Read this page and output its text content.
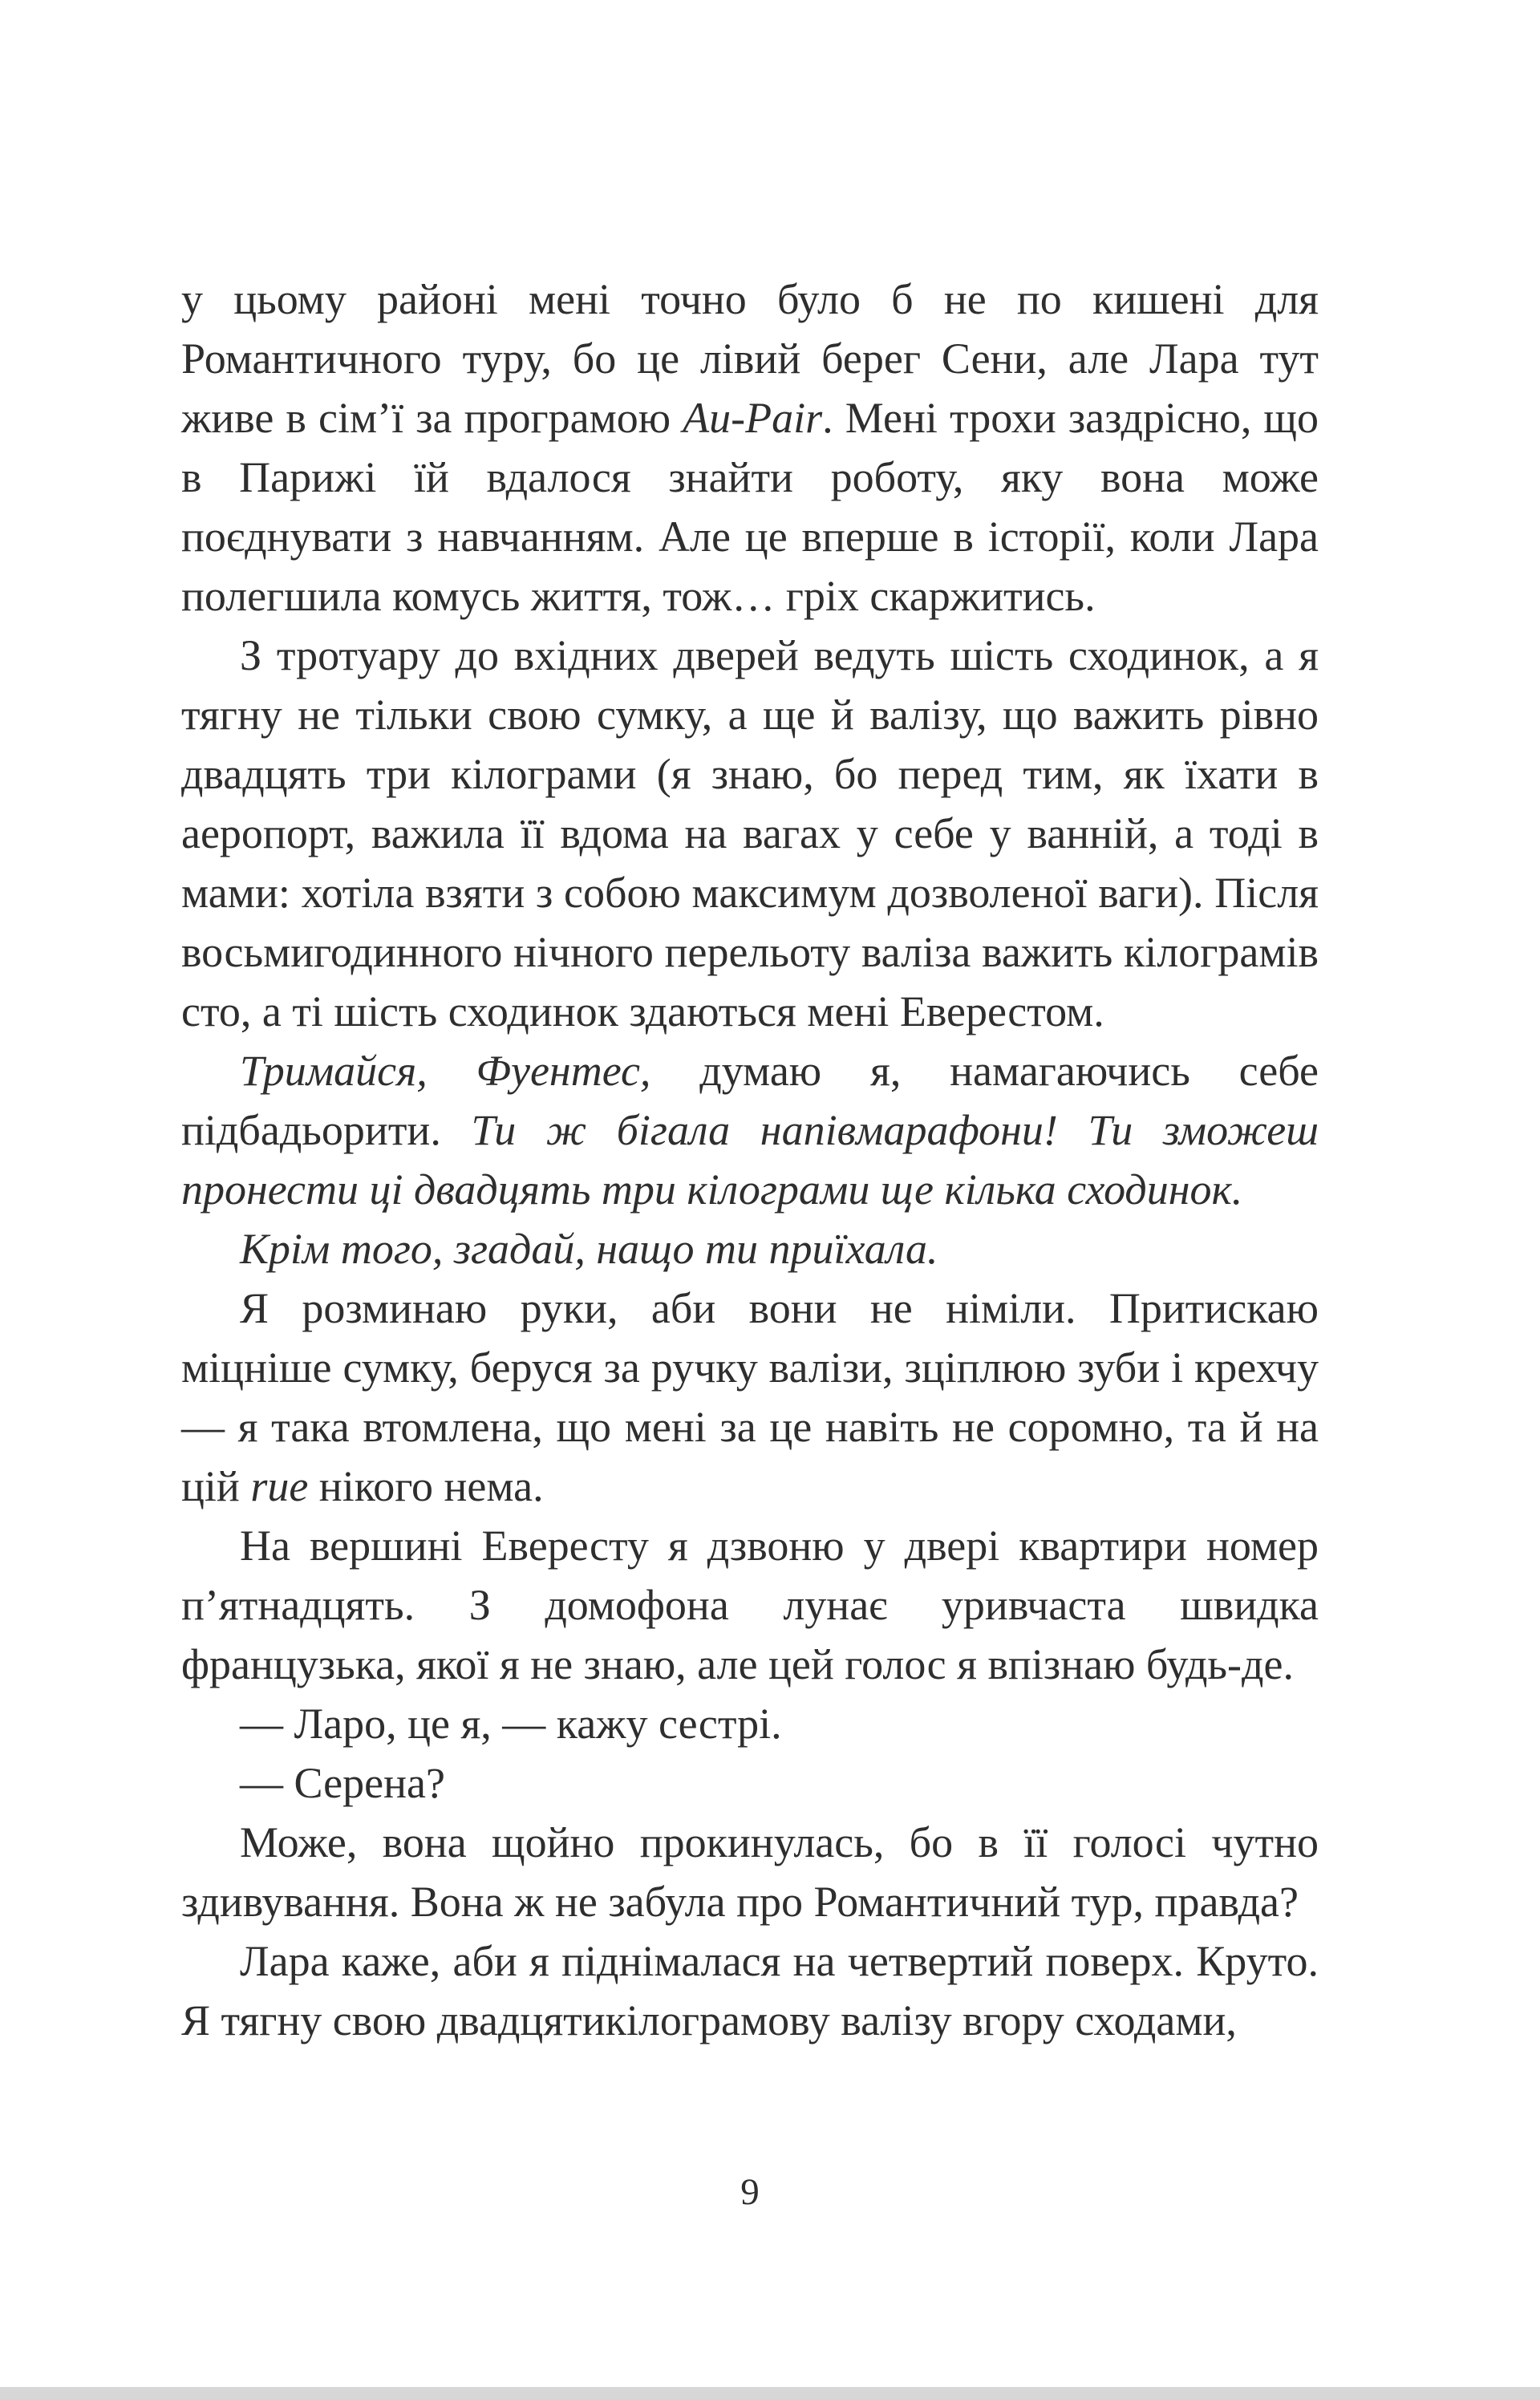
у цьому районі мені точно було б не по кишені для Романтичного туру, бо це лівий берег Сени, але Лара тут живе в сім’ї за програмою Au-Pair. Мені трохи заздрісно, що в Парижі їй вдалося знайти роботу, яку вона може поєднувати з навчанням. Але це вперше в історії, коли Лара полегшила комусь життя, тож… гріх скаржитись.

З тротуару до вхідних дверей ведуть шість сходинок, а я тягну не тільки свою сумку, а ще й валізу, що важить рівно двадцять три кілограми (я знаю, бо перед тим, як їхати в аеропорт, важила її вдома на вагах у себе у ванній, а тоді в мами: хотіла взяти з собою максимум дозволеної ваги). Після восьмигодинного нічного перельоту валіза важить кілограмів сто, а ті шість сходинок здаються мені Еверестом.

Тримайся, Фуентес, думаю я, намагаючись себе підбадьорити. Ти ж бігала напівмарафони! Ти зможеш пронести ці двадцять три кілограми ще кілька сходинок.

Крім того, згадай, нащо ти приїхала.

Я розминаю руки, аби вони не німіли. Притискаю міцніше сумку, беруся за ручку валізи, зціплюю зуби і крехчу — я така втомлена, що мені за це навіть не соромно, та й на цій rue нікого нема.

На вершині Евересту я дзвоню у двері квартири номер п’ятнадцять. З домофона лунає уривчаста швидка французька, якої я не знаю, але цей голос я впізнаю будь-де.

— Ларо, це я, — кажу сестрі.

— Серена?

Може, вона щойно прокинулась, бо в її голосі чутно здивування. Вона ж не забула про Романтичний тур, правда?

Лара каже, аби я піднімалася на четвертий поверх. Круто. Я тягну свою двадцятикілограмову валізу вгору сходами,

9
